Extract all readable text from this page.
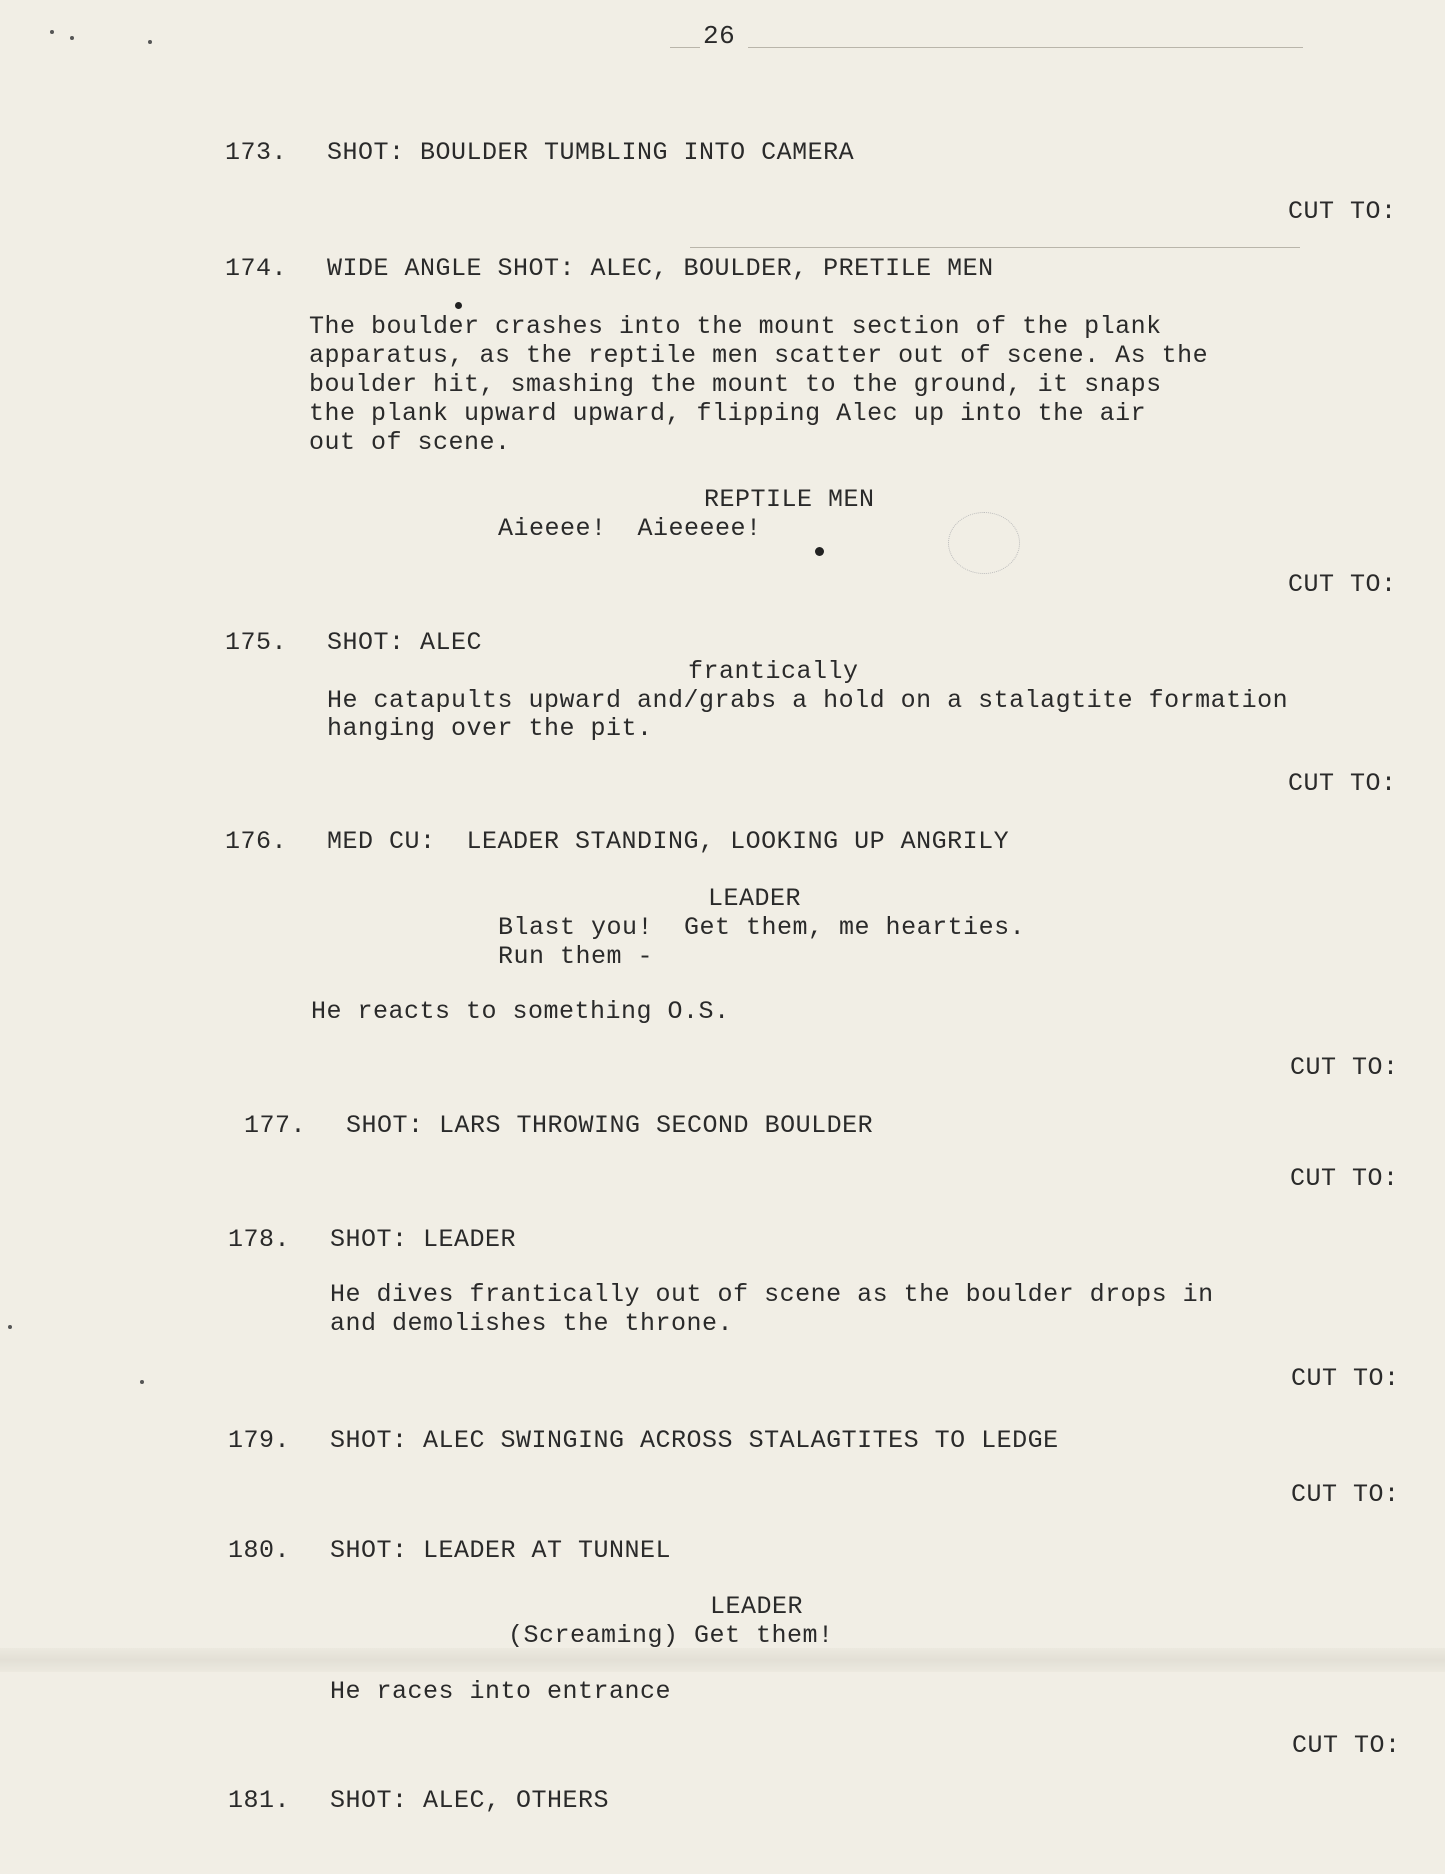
26
173. SHOT: BOULDER TUMBLING INTO CAMERA
CUT TO:
174. WIDE ANGLE SHOT: ALEC, BOULDER, PRETILE MEN
The boulder crashes into the mount section of the plank
apparatus, as the reptile men scatter out of scene. As the
boulder hit, smashing the mount to the ground, it snaps
the plank upward upward, flipping Alec up into the air
out of scene.
REPTILE MEN
Aieeee!  Aieeeee!
CUT TO:
175. SHOT: ALEC
frantically
He catapults upward and/grabs a hold on a stalagtite formation
hanging over the pit.
CUT TO:
176. MED CU:  LEADER STANDING, LOOKING UP ANGRILY
LEADER
Blast you!  Get them, me hearties.
Run them -
He reacts to something O.S.
CUT TO:
177. SHOT: LARS THROWING SECOND BOULDER
CUT TO:
178. SHOT: LEADER
He dives frantically out of scene as the boulder drops in
and demolishes the throne.
CUT TO:
179. SHOT: ALEC SWINGING ACROSS STALAGTITES TO LEDGE
CUT TO:
180. SHOT: LEADER AT TUNNEL
LEADER
(Screaming) Get them!
He races into entrance
CUT TO:
181. SHOT: ALEC, OTHERS
